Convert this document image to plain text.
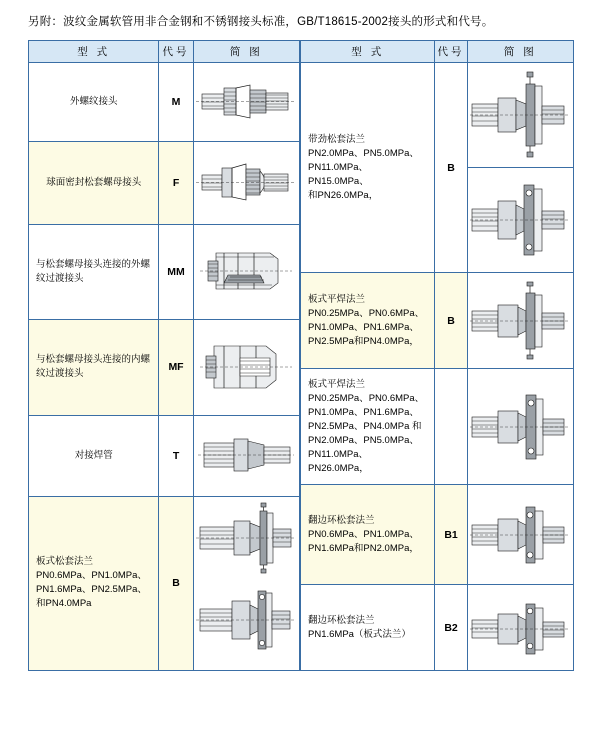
另附：波纹金属软管用非合金钢和不锈钢接头标准，GB/T18615-2002接头的形式和代号。
型 式	代号	简 图
外螺纹接头	M	

球面密封松套螺母接头	F	

与松套螺母接头连接的外螺纹过渡接头	MM	

与松套螺母接头连接的内螺纹过渡接头	MF	

对接焊管	T	

板式松套法兰
PN0.6MPa、PN1.0MPa、
PN1.6MPa、PN2.5MPa、
和PN4.0MPa	B	
型 式	代号	简 图

带劲松套法兰
PN2.0MPa、PN5.0MPa、
PN11.0MPa、PN15.0MPa、
和PN26.0MPa，	B	

板式平焊法兰
PN0.25MPa、PN0.6MPa、
PN1.0MPa、PN1.6MPa、
PN2.5MPa和PN4.0MPa，	B	

板式平焊法兰
PN0.25MPa、PN0.6MPa、
PN1.0MPa、PN1.6MPa、
PN2.5MPa、PN4.0MPa 和
PN2.0MPa、PN5.0MPa、
PN11.0MPa、PN26.0MPa，

翻边环松套法兰
PN0.6MPa、PN1.0MPa、
PN1.6MPa和PN2.0MPa，	B1	

翻边环松套法兰
PN1.6MPa（板式法兰）	B2	
